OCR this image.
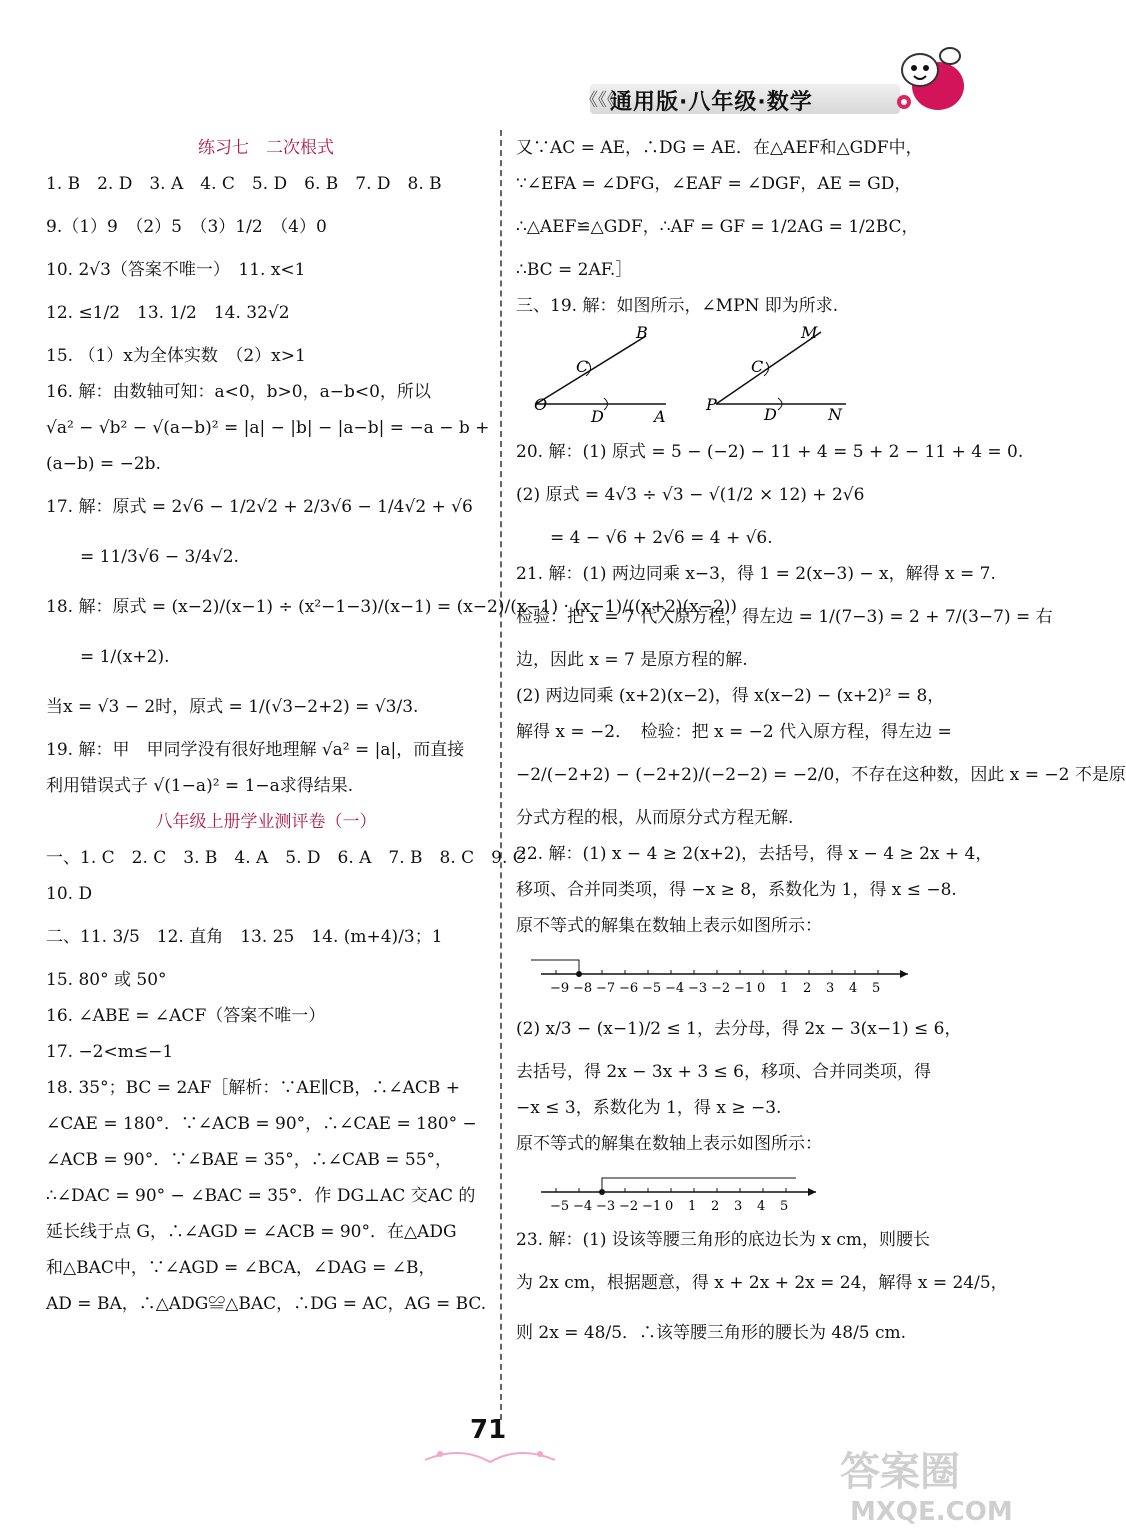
《《《
通用版·八年级·数学
练习七　二次根式
1. B　2. D　3. A　4. C　5. D　6. B　7. D　8. B
9.（1）9　（2）5　（3）1/2　（4）0
10. 2√3（答案不唯一）　11. x<1
12. ≤1/2　13. 1/2　14. 32√2
15. （1）x为全体实数　（2）x>1
16. 解：由数轴可知：a<0，b>0，a−b<0，所以
√a² − √b² − √(a−b)² = |a| − |b| − |a−b| = −a − b +
(a−b) = −2b.
17. 解：原式 = 2√6 − 1/2√2 + 2/3√6 − 1/4√2 + √6
　　= 11/3√6 − 3/4√2.
18. 解：原式 = (x−2)/(x−1) ÷ (x²−1−3)/(x−1) = (x−2)/(x−1) · (x−1)/((x+2)(x−2))
　　= 1/(x+2).
当x = √3 − 2时，原式 = 1/(√3−2+2) = √3/3.
19. 解：甲　甲同学没有很好地理解 √a² = |a|，而直接
利用错误式子 √(1−a)² = 1−a求得结果.
八年级上册学业测评卷（一）
一、1. C　2. C　3. B　4. A　5. D　6. A　7. B　8. C　9. C
10. D
二、11. 3/5　12. 直角　13. 25　14. (m+4)/3；1
15. 80° 或 50°
16. ∠ABE = ∠ACF（答案不唯一）
17. −2<m≤−1
18. 35°；BC = 2AF［解析：∵AE∥CB，∴∠ACB +
∠CAE = 180°．∵∠ACB = 90°，∴∠CAE = 180° −
∠ACB = 90°．∵∠BAE = 35°，∴∠CAB = 55°，
∴∠DAC = 90° − ∠BAC = 35°．作 DG⊥AC 交AC 的
延长线于点 G，∴∠AGD = ∠ACB = 90°．在△ADG
和△BAC中，∵∠AGD = ∠BCA，∠DAG = ∠B，
AD = BA，∴△ADG≌△BAC，∴DG = AC，AG = BC.
又∵AC = AE，∴DG = AE．在△AEF和△GDF中，
∵∠EFA = ∠DFG，∠EAF = ∠DGF，AE = GD，
∴△AEF≌△GDF，∴AF = GF = 1/2AG = 1/2BC，
∴BC = 2AF.］
三、19. 解：如图所示，∠MPN 即为所求.
B
C
O
D	A
M
C
P
D	N
20. 解：(1) 原式 = 5 − (−2) − 11 + 4 = 5 + 2 − 11 + 4 = 0.
(2) 原式 = 4√3 ÷ √3 − √(1/2 × 12) + 2√6
　　= 4 − √6 + 2√6 = 4 + √6.
21. 解：(1) 两边同乘 x−3，得 1 = 2(x−3) − x，解得 x = 7.
检验：把 x = 7 代入原方程，得左边 = 1/(7−3) = 2 + 7/(3−7) = 右
边，因此 x = 7 是原方程的解.
(2) 两边同乘 (x+2)(x−2)，得 x(x−2) − (x+2)² = 8，
解得 x = −2．　检验：把 x = −2 代入原方程，得左边 =
−2/(−2+2) − (−2+2)/(−2−2) = −2/0，不存在这种数，因此 x = −2 不是原
分式方程的根，从而原分式方程无解.
22. 解：(1) x − 4 ≥ 2(x+2)，去括号，得 x − 4 ≥ 2x + 4，
移项、合并同类项，得 −x ≥ 8，系数化为 1，得 x ≤ −8.
原不等式的解集在数轴上表示如图所示：
−9 −8 −7 −6 −5 −4 −3 −2 −1 0 1 2 3 4 5
(2) x/3 − (x−1)/2 ≤ 1，去分母，得 2x − 3(x−1) ≤ 6，
去括号，得 2x − 3x + 3 ≤ 6，移项、合并同类项，得
−x ≤ 3，系数化为 1，得 x ≥ −3.
原不等式的解集在数轴上表示如图所示：
−5 −4 −3 −2 −1 0 1 2 3 4 5
23. 解：(1) 设该等腰三角形的底边长为 x cm，则腰长
为 2x cm，根据题意，得 x + 2x + 2x = 24，解得 x = 24/5，
则 2x = 48/5．∴该等腰三角形的腰长为 48/5 cm.
71
答案圈
MXQE.COM
